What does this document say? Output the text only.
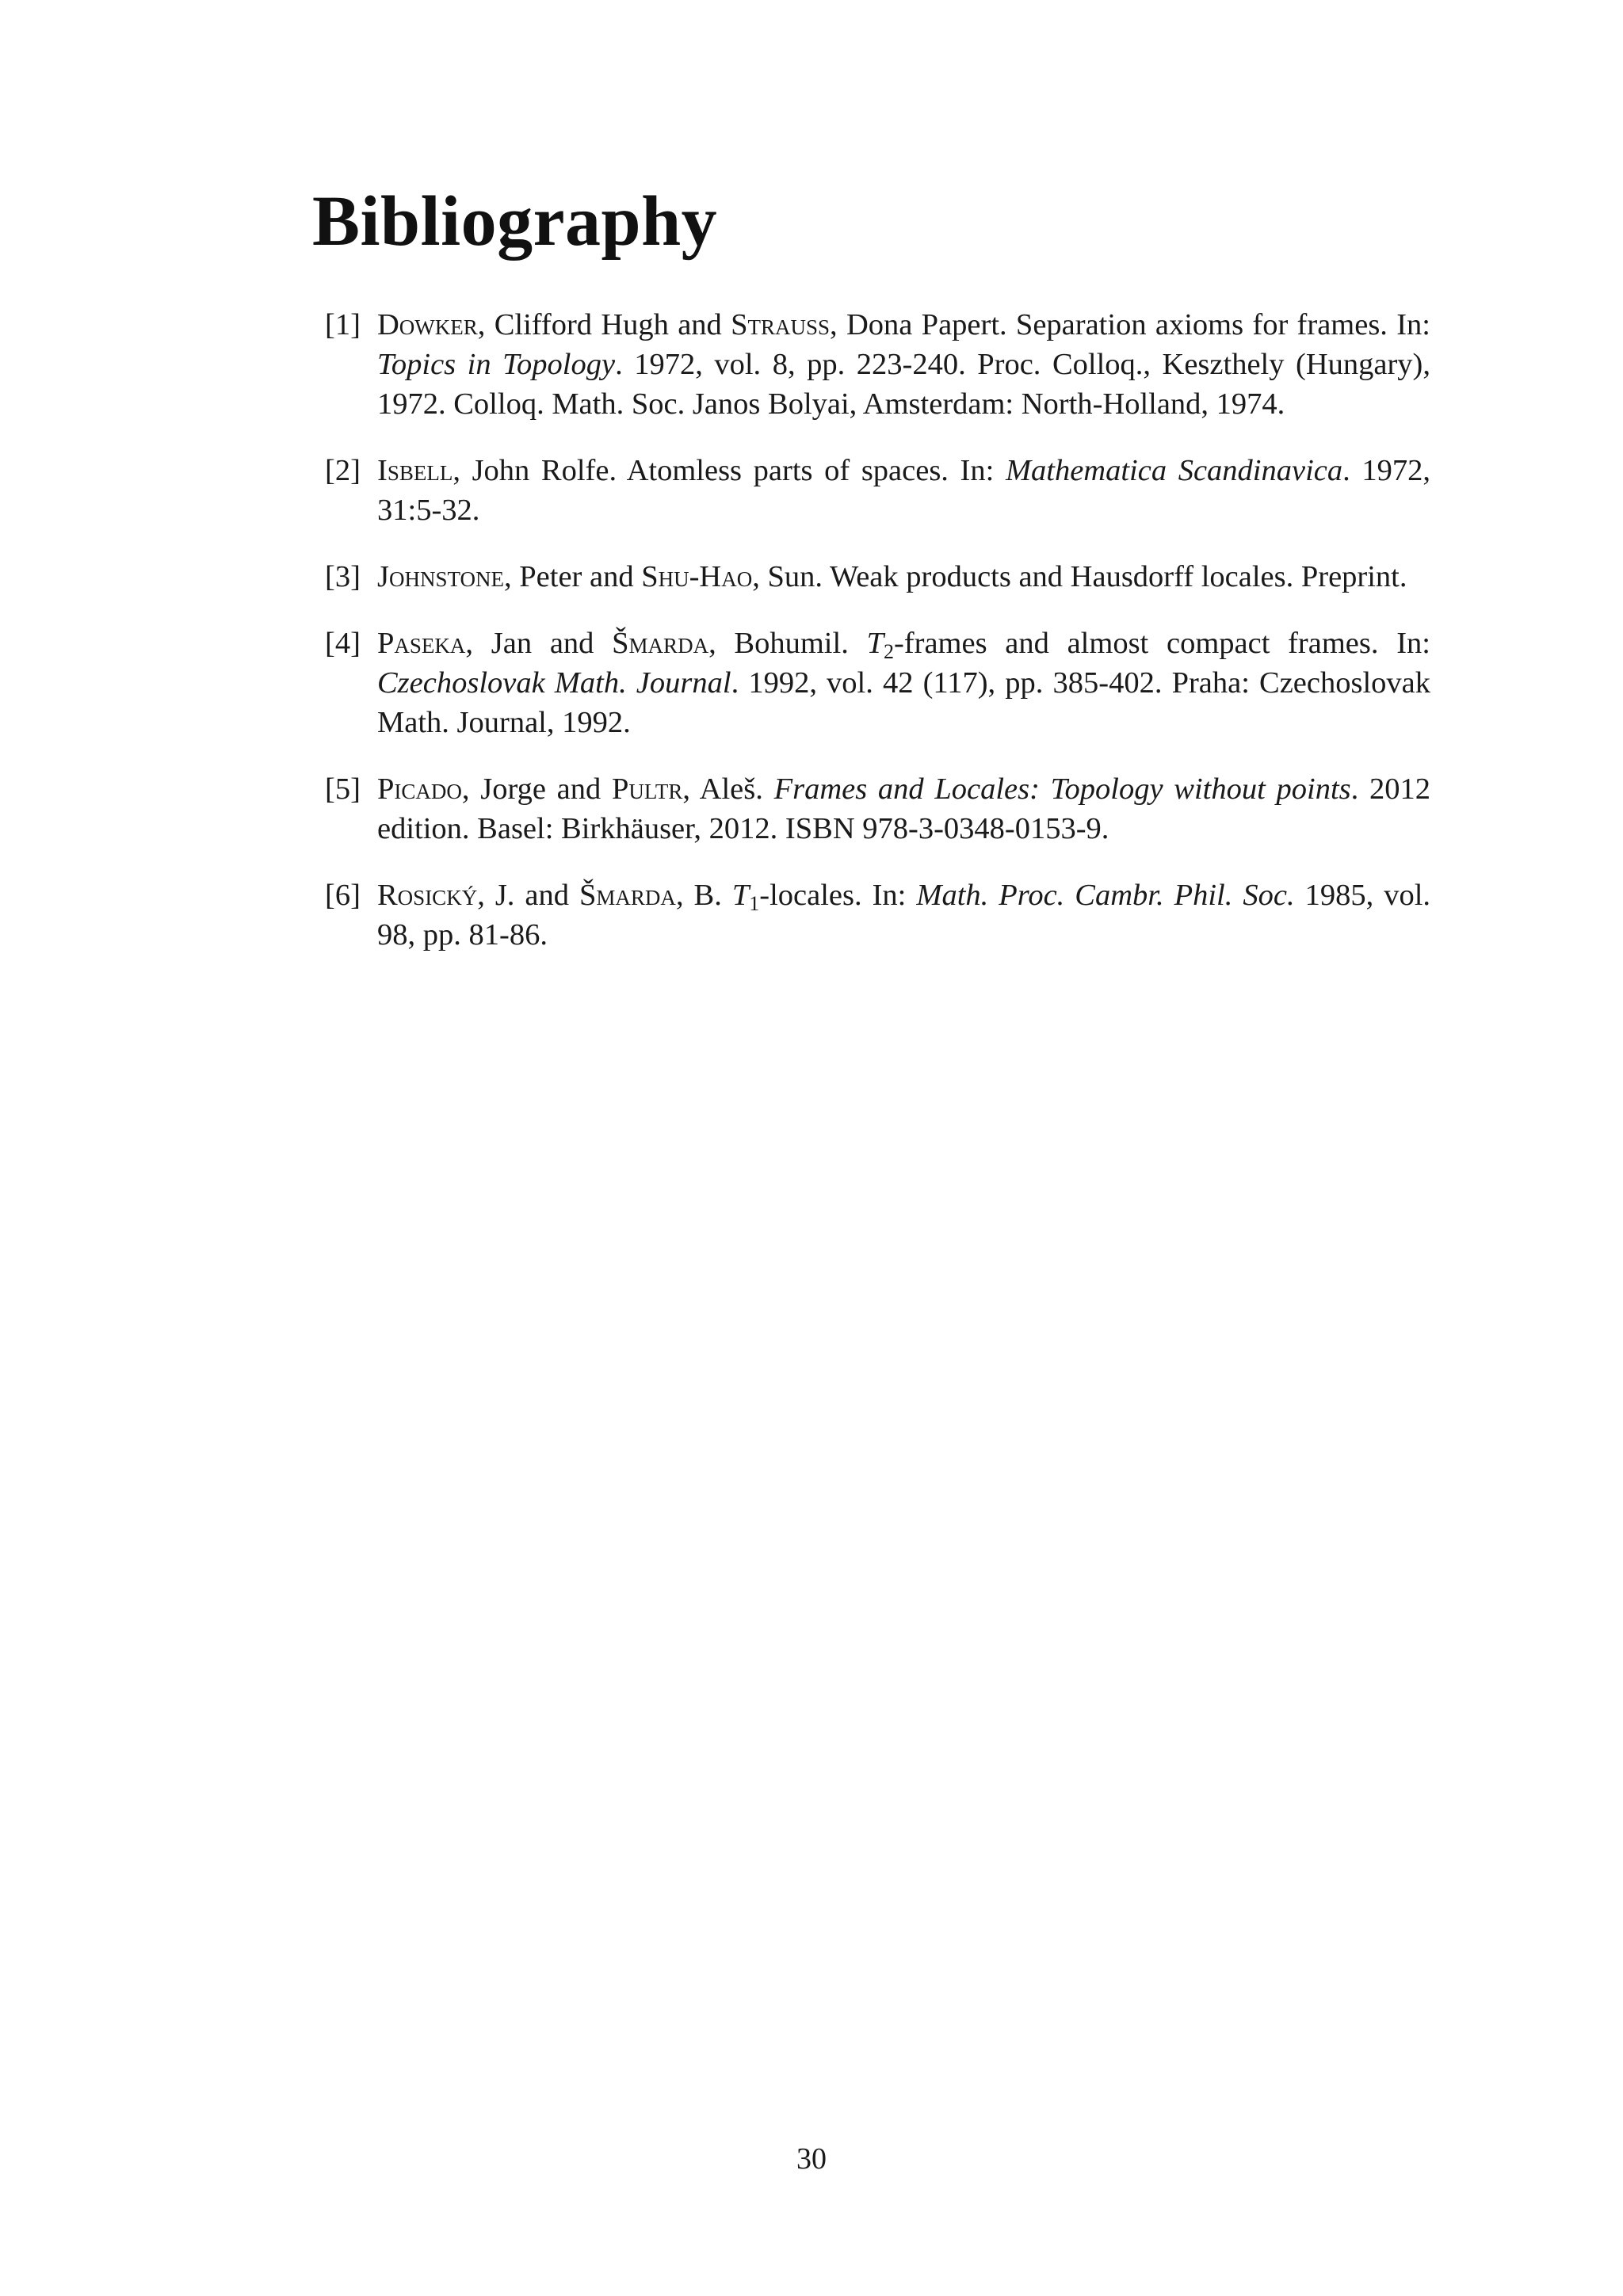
Bibliography
[1] Dowker, Clifford Hugh and Strauss, Dona Papert. Separation axioms for frames. In: Topics in Topology. 1972, vol. 8, pp. 223-240. Proc. Colloq., Keszthely (Hungary), 1972. Colloq. Math. Soc. Janos Bolyai, Amsterdam: North-Holland, 1974.
[2] Isbell, John Rolfe. Atomless parts of spaces. In: Mathematica Scandinavica. 1972, 31:5-32.
[3] Johnstone, Peter and Shu-Hao, Sun. Weak products and Hausdorff locales. Preprint.
[4] Paseka, Jan and Šmarda, Bohumil. $T_2$-frames and almost compact frames. In: Czechoslovak Math. Journal. 1992, vol. 42 (117), pp. 385-402. Praha: Czechoslovak Math. Journal, 1992.
[5] Picado, Jorge and Pultr, Aleš. Frames and Locales: Topology without points. 2012 edition. Basel: Birkhäuser, 2012. ISBN 978-3-0348-0153-9.
[6] Rosický, J. and Šmarda, B. $T_1$-locales. In: Math. Proc. Cambr. Phil. Soc. 1985, vol. 98, pp. 81-86.
30
